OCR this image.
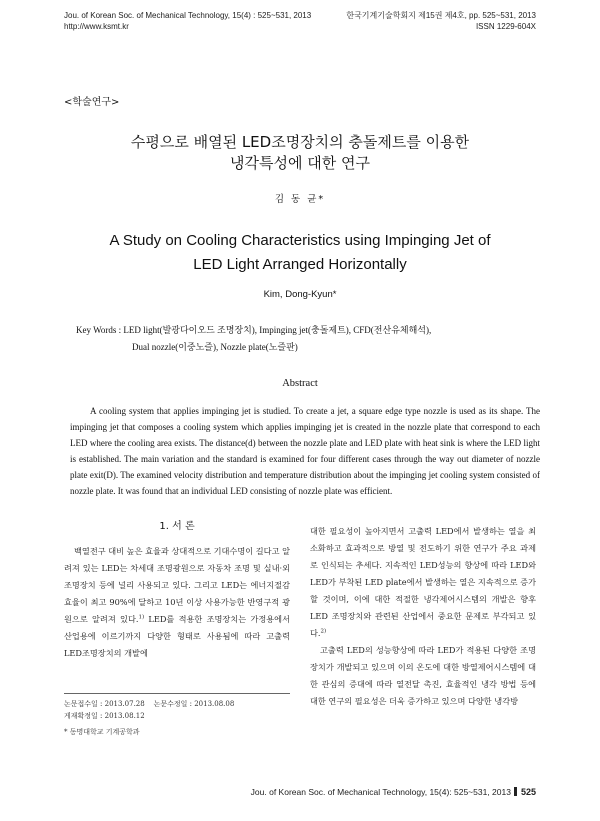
Jou. of Korean Soc. of Mechanical Technology, 15(4) : 525~531, 2013
http://www.ksmt.kr
한국기계기술학회지 제15권 제4호, pp. 525~531, 2013
ISSN 1229-604X
<학술연구>
수평으로 배열된 LED조명장치의 충돌제트를 이용한
냉각특성에 대한 연구
김 동 균*
A Study on Cooling Characteristics using Impinging Jet of
LED Light Arranged Horizontally
Kim, Dong-Kyun*
Key Words : LED light(발광다이오드 조명장치), Impinging jet(충돌제트), CFD(전산유체해석),
Dual nozzle(이중노즐), Nozzle plate(노즐판)
Abstract
A cooling system that applies impinging jet is studied. To create a jet, a square edge type nozzle is used as its shape. The impinging jet that composes a cooling system which applies impinging jet is created in the nozzle plate that correspond to each LED where the cooling area exists. The distance(d) between the nozzle plate and LED plate with heat sink is where the LED light is established. The main variation and the standard is examined for four different cases through the way out diameter of nozzle plate exit(D). The examined velocity distribution and temperature distribution about the impinging jet cooling system consisted of nozzle plate. It was found that an individual LED consisting of nozzle plate was efficient.
1. 서 론

백열전구 대비 높은 효율과 상대적으로 기대수명이 길다고 알려져 있는 LED는 차세대 조명광원으로 자동차 조명 및 실내·외 조명장치 등에 널리 사용되고 있다. 그리고 LED는 에너지절감 효율이 최고 90%에 달하고 10년 이상 사용가능한 반영구적 광원으로 알려져 있다.$^{1)}$ LED를 적용한 조명장치는 가정용에서 산업용에 이르기까지 다양한 형태로 사용됨에 따라 고출력 LED조명장치의 개발에

대한 필요성이 높아지면서 고출력 LED에서 발생하는 열을 최소화하고 효과적으로 방열 및 전도하기 위한 연구가 주요 과제로 인식되는 추세다. 지속적인 LED성능의 향상에 따라 LED와 LED가 부착된 LED plate에서 발생하는 열은 지속적으로 증가할 것이며, 이에 대한 적절한 냉각제어시스템의 개발은 향후 LED 조명장치와 관련된 산업에서 중요한 문제로 부각되고 있다.$^{2)}$

고출력 LED의 성능향상에 따라 LED가 적용된 다양한 조명장치가 개발되고 있으며 이의 온도에 대한 방열제어시스템에 대한 관심의 증대에 따라 열전달 촉진, 효율적인 냉각 방법 등에 대한 연구의 필요성은 더욱 증가하고 있으며 다양한 냉각방

논문접수일 : 2013.07.28 논문수정일 : 2013.08.08
게재확정일 : 2013.08.12
* 동명대학교 기계공학과
Jou. of Korean Soc. of Mechanical Technology, 15(4): 525~531, 2013 525
